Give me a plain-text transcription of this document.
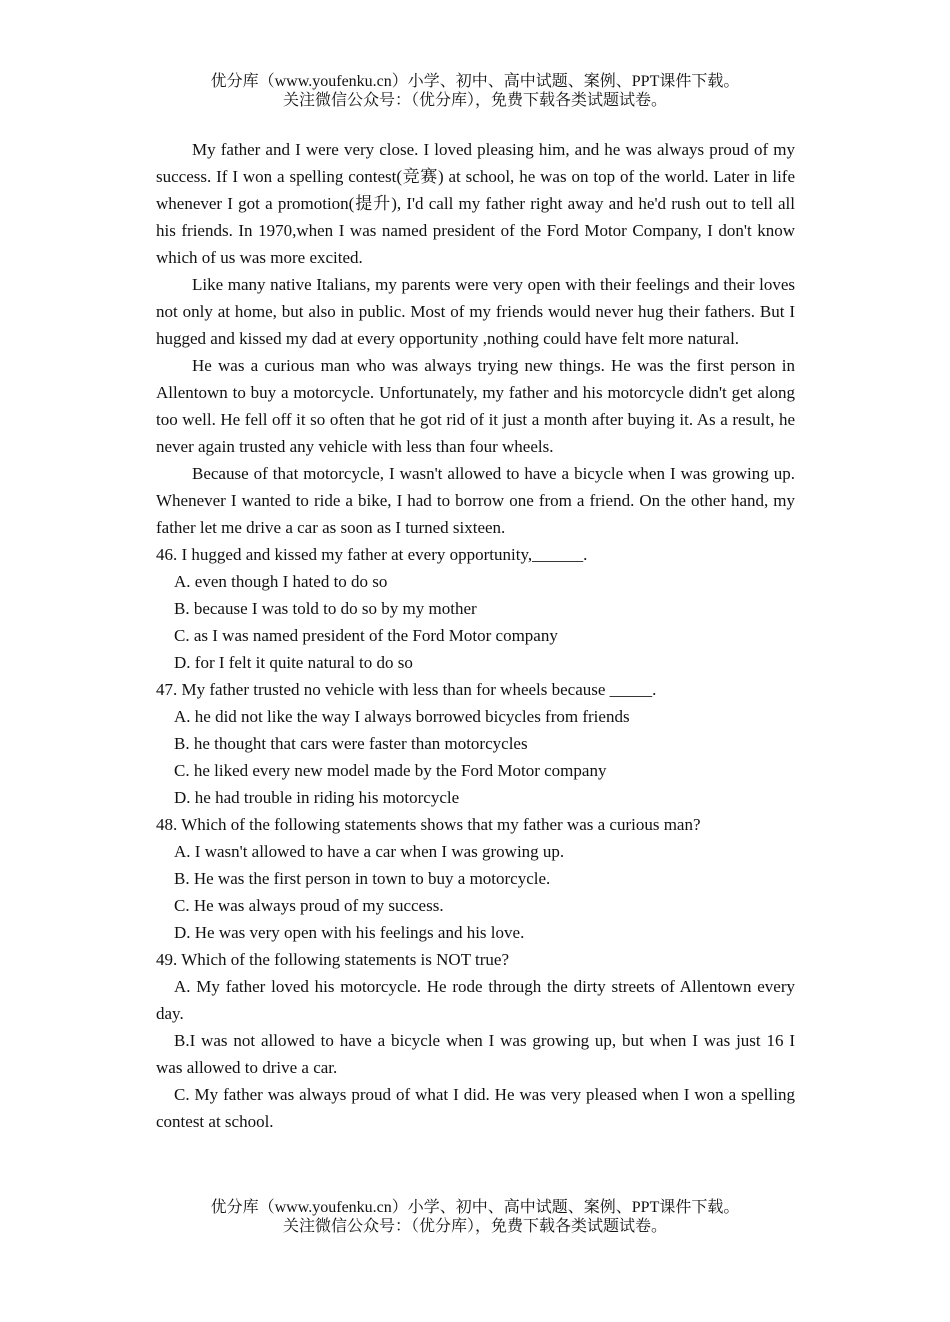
优分库（www.youfenku.cn）小学、初中、高中试题、案例、PPT课件下载。
关注微信公众号：（优分库），免费下载各类试题试卷。

My father and I were very close. I loved pleasing him, and he was always proud of my success. If I won a spelling contest(竞赛) at school, he was on top of the world. Later in life whenever I got a promotion(提升), I'd call my father right away and he'd rush out to tell all his friends. In 1970,when I was named president of the Ford Motor Company, I don't know which of us was more excited.

Like many native Italians, my parents were very open with their feelings and their loves not only at home, but also in public. Most of my friends would never hug their fathers. But I hugged and kissed my dad at every opportunity ,nothing could have felt more natural.

He was a curious man who was always trying new things. He was the first person in Allentown to buy a motorcycle. Unfortunately, my father and his motorcycle didn't get along too well. He fell off it so often that he got rid of it just a month after buying it. As a result, he never again trusted any vehicle with less than four wheels.

Because of that motorcycle, I wasn't allowed to have a bicycle when I was growing up. Whenever I wanted to ride a bike, I had to borrow one from a friend. On the other hand, my father let me drive a car as soon as I turned sixteen.

46. I hugged and kissed my father at every opportunity,______.

A. even though I hated to do so

B. because I was told to do so by my mother

C. as I was named president of the Ford Motor company

D. for I felt it quite natural to do so

47. My father trusted no vehicle with less than for wheels because _____.

A. he did not like the way I always borrowed bicycles from friends

B. he thought that cars were faster than motorcycles

C. he liked every new model made by the Ford Motor company

D. he had trouble in riding his motorcycle

48. Which of the following statements shows that my father was a curious man?

A. I wasn't allowed to have a car when I was growing up.

B. He was the first person in town to buy a motorcycle.

C. He was always proud of my success.

D. He was very open with his feelings and his love.

49. Which of the following statements is NOT true?

A. My father loved his motorcycle. He rode through the dirty streets of Allentown every day.

B.I was not allowed to have a bicycle when I was growing up, but when I was just 16 I was allowed to drive a car.

C. My father was always proud of what I did. He was very pleased when I won a spelling contest at school.

优分库（www.youfenku.cn）小学、初中、高中试题、案例、PPT课件下载。
关注微信公众号：（优分库），免费下载各类试题试卷。
